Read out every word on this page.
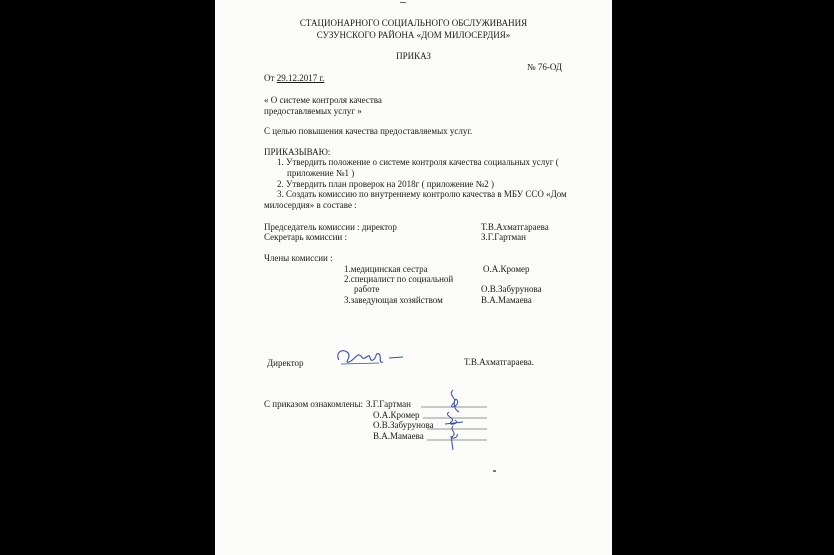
СТАЦИОНАРНОГО СОЦИАЛЬНОГО ОБСЛУЖИВАНИЯ
СУЗУНСКОГО РАЙОНА «ДОМ МИЛОСЕРДИЯ»
ПРИКАЗ
№ 76-ОД
От 29.12.2017 г.
« О системе контроля качества
предоставляемых услуг »
С целью повышения качества предоставляемых услуг.
ПРИКАЗЫВАЮ:
1. Утвердить положение о системе контроля качества социальных услуг (
приложение №1 )
2. Утвердить план проверок на 2018г ( приложение №2 )
3. Создать комиссию по внутреннему контролю качества в МБУ ССО «Дом
милосердия» в составе :
Председатель комиссии : директор	Т.В.Ахматгараева
Секретарь комиссии :	З.Г.Гартман
Члены комиссии :
1.медицинская сестра	О.А.Кромер
2.специалист по социальной
работе	О.В.Забурунова
3.заведующая хозяйством	В.А.Мамаева
Директор	Т.В.Ахматгараева.
С приказом ознакомлены: З.Г.Гартман
О.А.Кромер
О.В.Забурунова
В.А.Мамаева
